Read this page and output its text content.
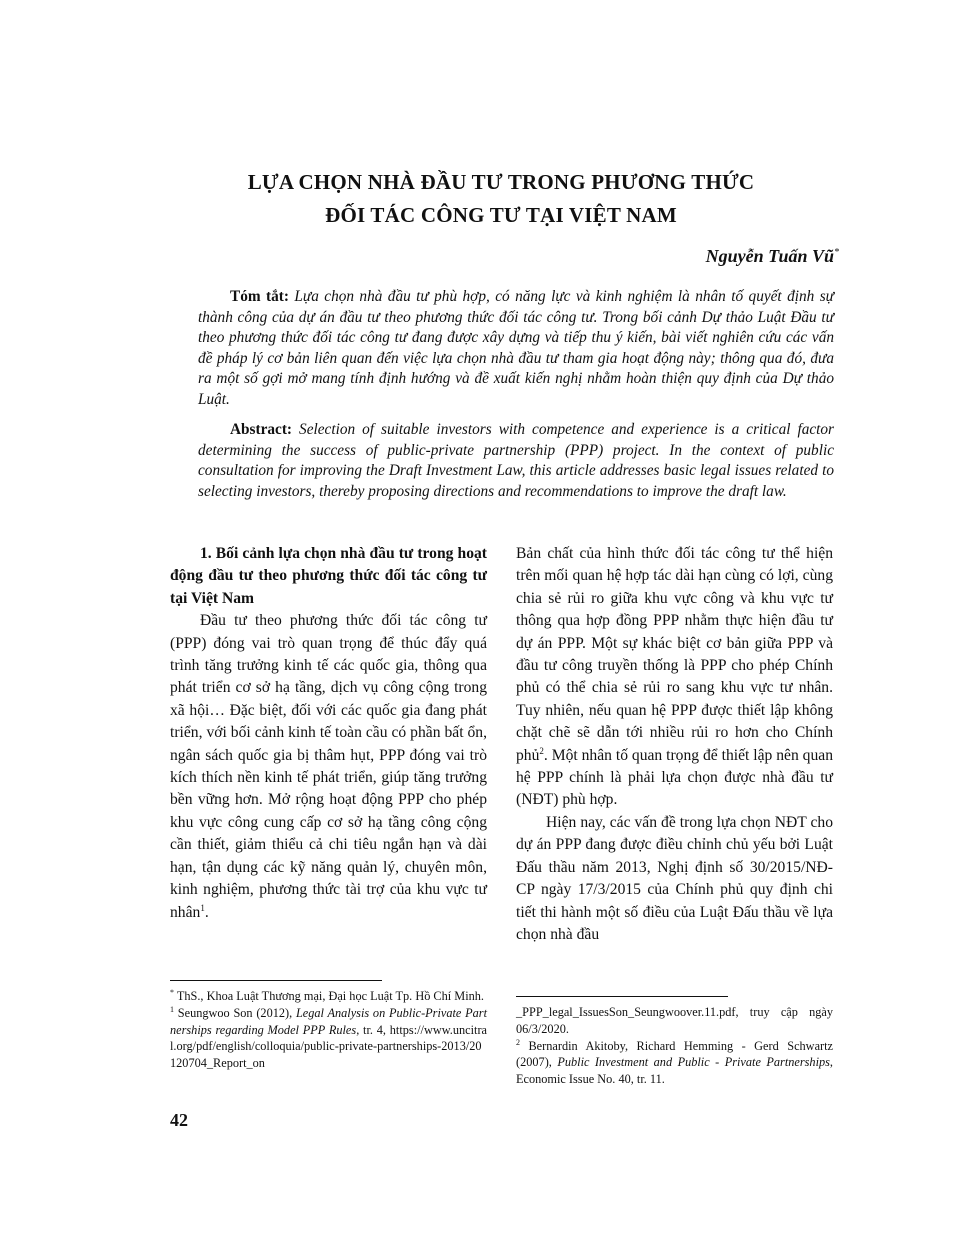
LỰA CHỌN NHÀ ĐẦU TƯ TRONG PHƯƠNG THỨC
ĐỐI TÁC CÔNG TƯ TẠI VIỆT NAM
Nguyễn Tuấn Vũ*
Tóm tắt: Lựa chọn nhà đầu tư phù hợp, có năng lực và kinh nghiệm là nhân tố quyết định sự thành công của dự án đầu tư theo phương thức đối tác công tư. Trong bối cảnh Dự thảo Luật Đầu tư theo phương thức đối tác công tư đang được xây dựng và tiếp thu ý kiến, bài viết nghiên cứu các vấn đề pháp lý cơ bản liên quan đến việc lựa chọn nhà đầu tư tham gia hoạt động này; thông qua đó, đưa ra một số gợi mở mang tính định hướng và đề xuất kiến nghị nhằm hoàn thiện quy định của Dự thảo Luật.
Abstract: Selection of suitable investors with competence and experience is a critical factor determining the success of public-private partnership (PPP) project. In the context of public consultation for improving the Draft Investment Law, this article addresses basic legal issues related to selecting investors, thereby proposing directions and recommendations to improve the draft law.
1. Bối cảnh lựa chọn nhà đầu tư trong hoạt động đầu tư theo phương thức đối tác công tư tại Việt Nam

Đầu tư theo phương thức đối tác công tư (PPP) đóng vai trò quan trọng để thúc đẩy quá trình tăng trưởng kinh tế các quốc gia, thông qua phát triển cơ sở hạ tầng, dịch vụ công cộng trong xã hội… Đặc biệt, đối với các quốc gia đang phát triển, với bối cảnh kinh tế toàn cầu có phần bất ổn, ngân sách quốc gia bị thâm hụt, PPP đóng vai trò kích thích nền kinh tế phát triển, giúp tăng trưởng bền vững hơn. Mở rộng hoạt động PPP cho phép khu vực công cung cấp cơ sở hạ tầng công cộng cần thiết, giảm thiểu cả chi tiêu ngắn hạn và dài hạn, tận dụng các kỹ năng quản lý, chuyên môn, kinh nghiệm, phương thức tài trợ của khu vực tư nhân$^1$.

Bản chất của hình thức đối tác công tư thể hiện trên mối quan hệ hợp tác dài hạn cùng có lợi, cùng chia sẻ rủi ro giữa khu vực công và khu vực tư thông qua hợp đồng PPP nhằm thực hiện đầu tư dự án PPP. Một sự khác biệt cơ bản giữa PPP và đầu tư công truyền thống là PPP cho phép Chính phủ có thể chia sẻ rủi ro sang khu vực tư nhân. Tuy nhiên, nếu quan hệ PPP được thiết lập không chặt chẽ sẽ dẫn tới nhiều rủi ro hơn cho Chính phủ$^2$. Một nhân tố quan trọng để thiết lập nên quan hệ PPP chính là phải lựa chọn được nhà đầu tư (NĐT) phù hợp.

Hiện nay, các vấn đề trong lựa chọn NĐT cho dự án PPP đang được điều chỉnh chủ yếu bởi Luật Đấu thầu năm 2013, Nghị định số 30/2015/NĐ-CP ngày 17/3/2015 của Chính phủ quy định chi tiết thi hành một số điều của Luật Đấu thầu về lựa chọn nhà đầu

* ThS., Khoa Luật Thương mại, Đại học Luật Tp. Hồ Chí Minh.

$^1$ Seungwoo Son (2012), Legal Analysis on Public-Private Partnerships regarding Model PPP Rules, tr. 4, https://www.uncitral.org/pdf/english/colloquia/public-private-partnerships-2013/20120704_Report_on

_PPP_legal_IssuesSon_Seungwoover.11.pdf, truy cập ngày 06/3/2020.

$^2$ Bernardin Akitoby, Richard Hemming - Gerd Schwartz (2007), Public Investment and Public - Private Partnerships, Economic Issue No. 40, tr. 11.

42
